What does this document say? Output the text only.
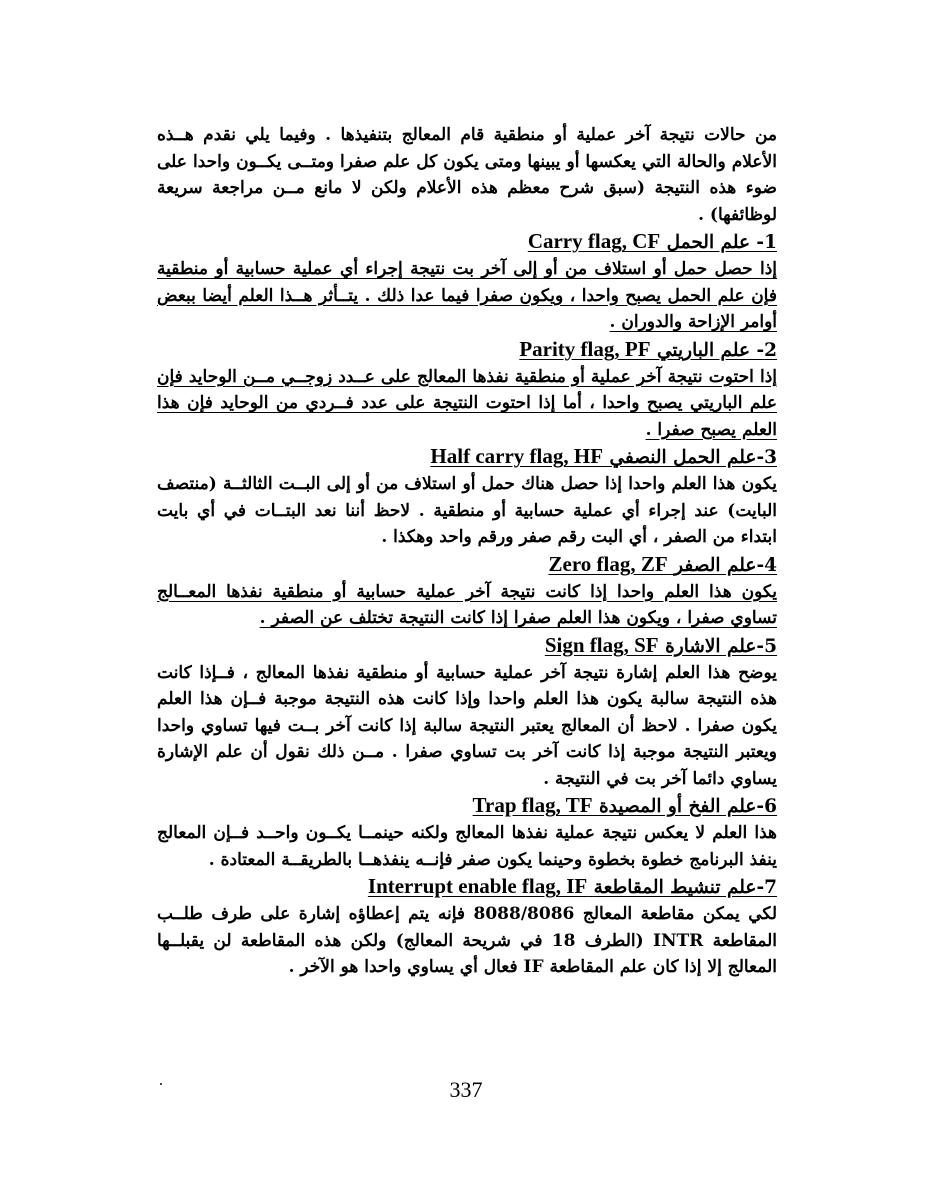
من حالات نتيجة آخر عملية أو منطقية قام المعالج بتنفيذها . وفيما يلي نقدم هــذه الأعلام والحالة التي يعكسها أو يبينها ومتى يكون كل علم صفرا ومتــى يكــون واحدا على ضوء هذه النتيجة (سبق شرح معظم هذه الأعلام ولكن لا مانع مــن مراجعة سريعة لوظائفها) .

1- علم الحمل Carry flag, CF

إذا حصل حمل أو استلاف من أو إلى آخر بت نتيجة إجراء أي عملية حسابية أو منطقية فإن علم الحمل يصبح واحدا ، ويكون صفرا فيما عدا ذلك . يتــأثر هــذا العلم أيضا ببعض أوامر الإزاحة والدوران .

2- علم الباريتي Parity flag, PF

إذا احتوت نتيجة آخر عملية أو منطقية نفذها المعالج على عــدد زوجــي مــن الوحايد فإن علم الباريتي يصبح واحدا ، أما إذا احتوت النتيجة على عدد فــردي من الوحايد فإن هذا العلم يصبح صفرا .

3-علم الحمل النصفي Half carry flag, HF

يكون هذا العلم واحدا إذا حصل هناك حمل أو استلاف من أو إلى البــت الثالثــة (منتصف البايت) عند إجراء أي عملية حسابية أو منطقية . لاحظ أننا نعد البتــات في أي بايت ابتداء من الصفر ، أي البت رقم صفر ورقم واحد وهكذا .

4-علم الصفر Zero flag, ZF

يكون هذا العلم واحدا إذا كانت نتيجة آخر عملية حسابية أو منطقية نفذها المعــالج تساوي صفرا ، ويكون هذا العلم صفرا إذا كانت النتيجة تختلف عن الصفر .

5-علم الاشارة Sign flag, SF

يوضح هذا العلم إشارة نتيجة آخر عملية حسابية أو منطقية نفذها المعالج ، فــإذا كانت هذه النتيجة سالبة يكون هذا العلم واحدا وإذا كانت هذه النتيجة موجبة فــإن هذا العلم يكون صفرا . لاحظ أن المعالج يعتبر النتيجة سالبة إذا كانت آخر بــت فيها تساوي واحدا ويعتبر النتيجة موجبة إذا كانت آخر بت تساوي صفرا . مــن ذلك نقول أن علم الإشارة يساوي دائما آخر بت في النتيجة .

6-علم الفخ أو المصيدة Trap flag, TF

هذا العلم لا يعكس نتيجة عملية نفذها المعالج ولكنه حينمــا يكــون واحــد فــإن المعالج ينفذ البرنامج خطوة بخطوة وحينما يكون صفر فإنــه ينفذهــا بالطريقــة المعتادة .

7-علم تنشيط المقاطعة Interrupt enable flag, IF

لكي يمكن مقاطعة المعالج 8088/8086 فإنه يتم إعطاؤه إشارة على طرف طلــب المقاطعة INTR (الطرف 18 في شريحة المعالج) ولكن هذه المقاطعة لن يقبلــها المعالج إلا إذا كان علم المقاطعة IF فعال أي يساوي واحدا هو الآخر .

337
